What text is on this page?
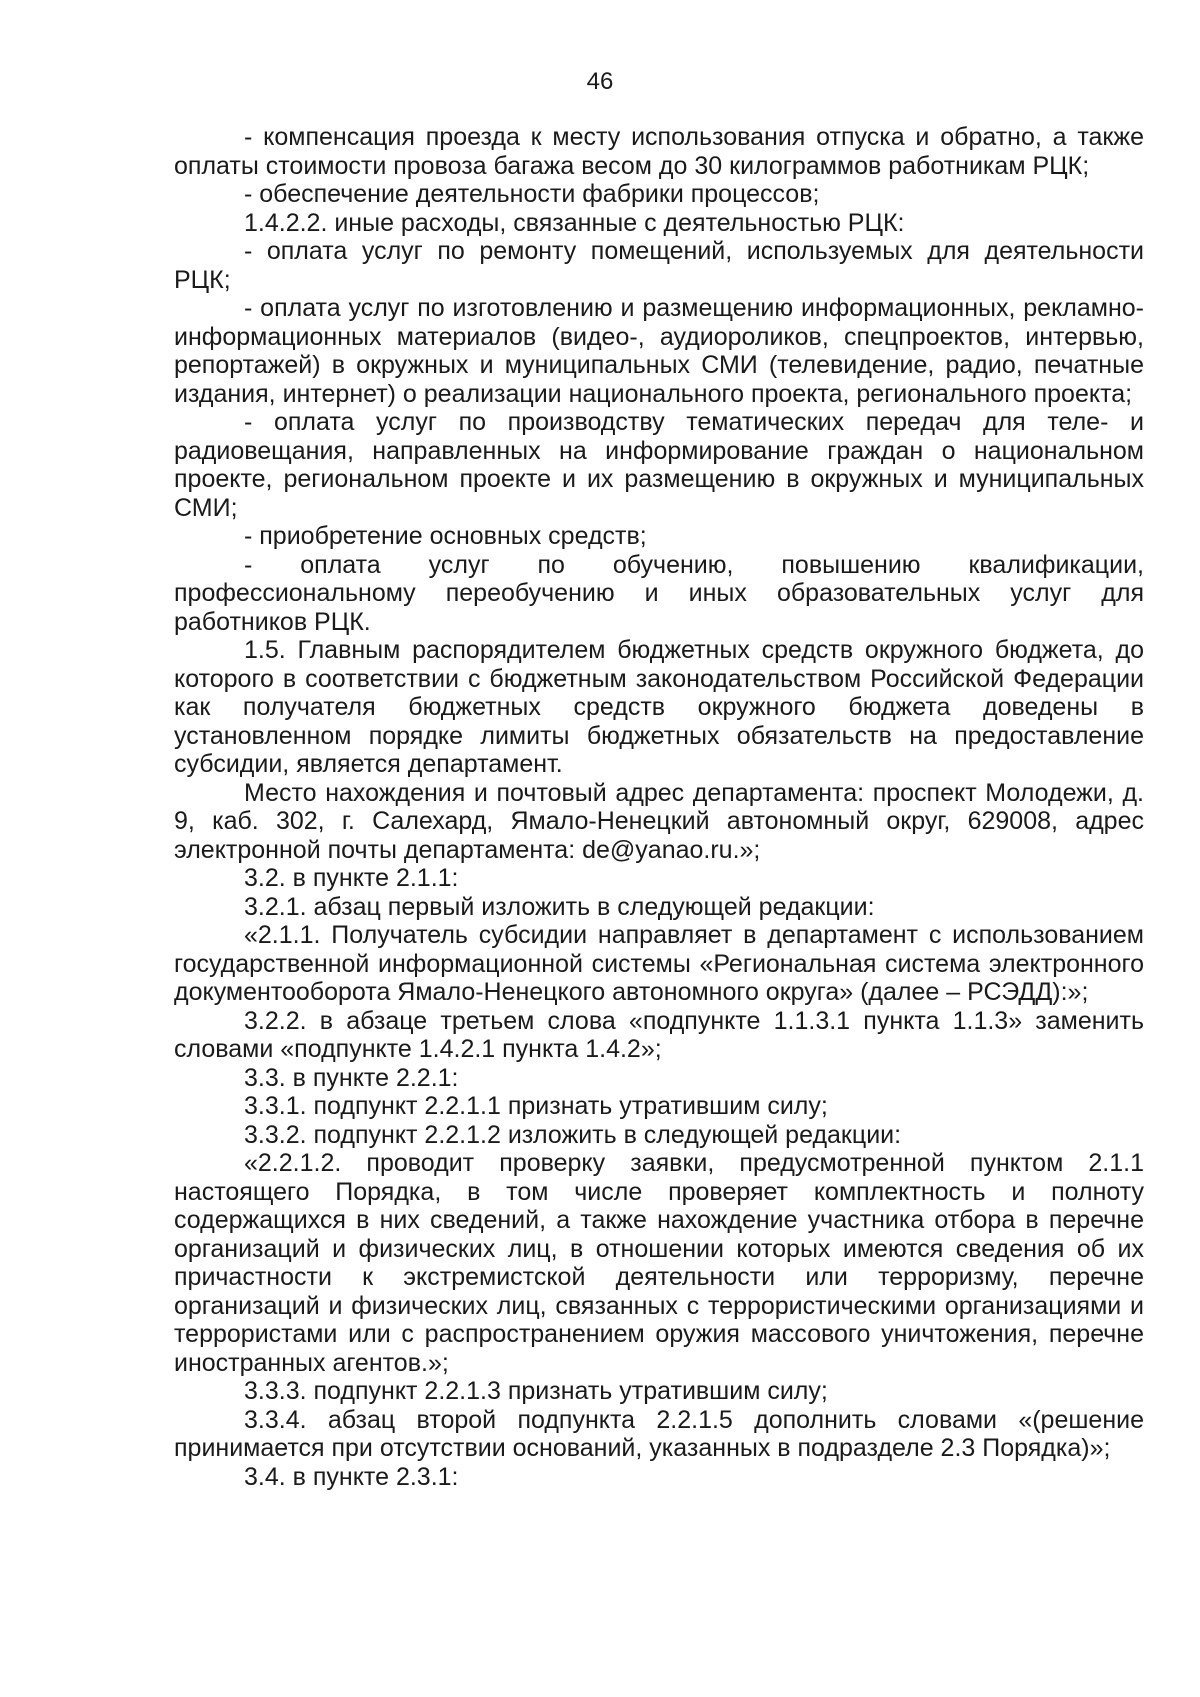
46

- компенсация проезда к месту использования отпуска и обратно, а также оплаты стоимости провоза багажа весом до 30 килограммов работникам РЦК;

- обеспечение деятельности фабрики процессов;

1.4.2.2. иные расходы, связанные с деятельностью РЦК:

- оплата услуг по ремонту помещений, используемых для деятельности РЦК;

- оплата услуг по изготовлению и размещению информационных, рекламно-информационных материалов (видео-, аудиороликов, спецпроектов, интервью, репортажей) в окружных и муниципальных СМИ (телевидение, радио, печатные издания, интернет) о реализации национального проекта, регионального проекта;

- оплата услуг по производству тематических передач для теле- и радиовещания, направленных на информирование граждан о национальном проекте, региональном проекте и их размещению в окружных и муниципальных СМИ;

- приобретение основных средств;

- оплата услуг по обучению, повышению квалификации, профессиональному переобучению и иных образовательных услуг для работников РЦК.

1.5. Главным распорядителем бюджетных средств окружного бюджета, до которого в соответствии с бюджетным законодательством Российской Федерации как получателя бюджетных средств окружного бюджета доведены в установленном порядке лимиты бюджетных обязательств на предоставление субсидии, является департамент.

Место нахождения и почтовый адрес департамента: проспект Молодежи, д. 9, каб. 302, г. Салехард, Ямало-Ненецкий автономный округ, 629008, адрес электронной почты департамента: de@yanao.ru.»;

3.2. в пункте 2.1.1:

3.2.1. абзац первый изложить в следующей редакции:

«2.1.1. Получатель субсидии направляет в департамент с использованием государственной информационной системы «Региональная система электронного документооборота Ямало-Ненецкого автономного округа» (далее – РСЭДД):»;

3.2.2. в абзаце третьем слова «подпункте 1.1.3.1 пункта 1.1.3» заменить словами «подпункте 1.4.2.1 пункта 1.4.2»;

3.3. в пункте 2.2.1:

3.3.1. подпункт 2.2.1.1 признать утратившим силу;

3.3.2. подпункт 2.2.1.2 изложить в следующей редакции:

«2.2.1.2. проводит проверку заявки, предусмотренной пунктом 2.1.1 настоящего Порядка, в том числе проверяет комплектность и полноту содержащихся в них сведений, а также нахождение участника отбора в перечне организаций и физических лиц, в отношении которых имеются сведения об их причастности к экстремистской деятельности или терроризму, перечне организаций и физических лиц, связанных с террористическими организациями и террористами или с распространением оружия массового уничтожения, перечне иностранных агентов.»;

3.3.3. подпункт 2.2.1.3 признать утратившим силу;

3.3.4. абзац второй подпункта 2.2.1.5 дополнить словами «(решение принимается при отсутствии оснований, указанных в подразделе 2.3 Порядка)»;

3.4. в пункте 2.3.1:
